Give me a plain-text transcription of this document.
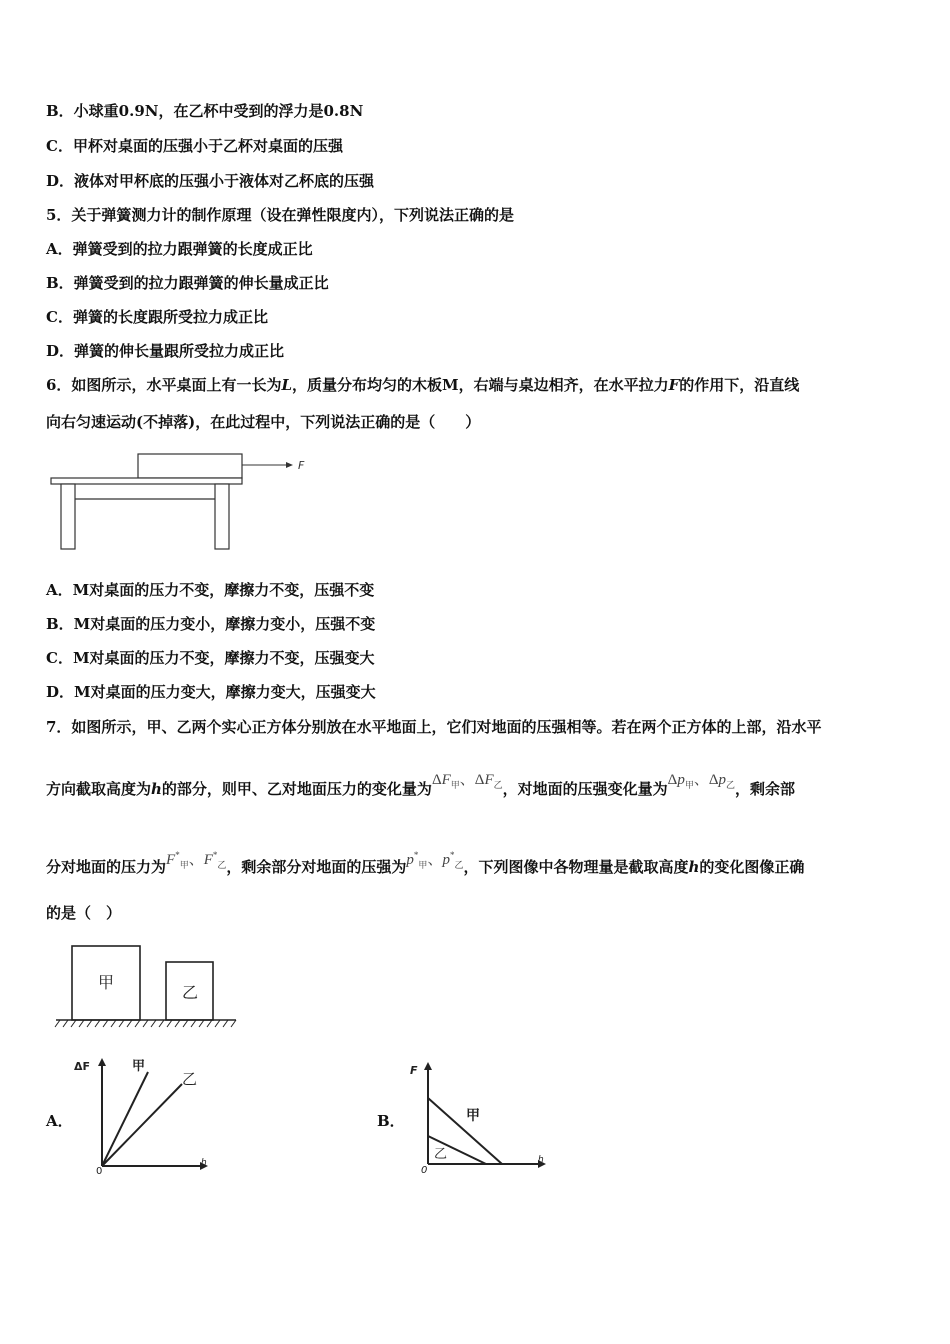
B．小球重0.9N，在乙杯中受到的浮力是0.8N
C．甲杯对桌面的压强小于乙杯对桌面的压强
D．液体对甲杯底的压强小于液体对乙杯底的压强
5．关于弹簧测力计的制作原理（设在弹性限度内），下列说法正确的是
A．弹簧受到的拉力跟弹簧的长度成正比
B．弹簧受到的拉力跟弹簧的伸长量成正比
C．弹簧的长度跟所受拉力成正比
D．弹簧的伸长量跟所受拉力成正比
6．如图所示，水平桌面上有一长为L，质量分布均匀的木板M，右端与桌边相齐，在水平拉力F的作用下，沿直线
向右匀速运动(不掉落)，在此过程中，下列说法正确的是（　　）
F
A．M对桌面的压力不变，摩擦力不变，压强不变
B．M对桌面的压力变小，摩擦力变小，压强不变
C．M对桌面的压力不变，摩擦力不变，压强变大
D．M对桌面的压力变大，摩擦力变大，压强变大
7．如图所示，甲、乙两个实心正方体分别放在水平地面上，它们对地面的压强相等。若在两个正方体的上部，沿水平
方向截取高度为h的部分，则甲、乙对地面压力的变化量为$\Delta F_甲$、$\Delta F_乙$，对地面的压强变化量为$\Delta p_甲$、$\Delta p_乙$，剩余部
分对地面的压力为$F^*_甲$、$F^*_乙$，剩余部分对地面的压强为$p^*_甲$、$p^*_乙$，下列图像中各物理量是截取高度h的变化图像正确
的是（　）
甲
乙
A．
ΔF
h
0
甲
乙
B．
F
h
0
甲
乙
